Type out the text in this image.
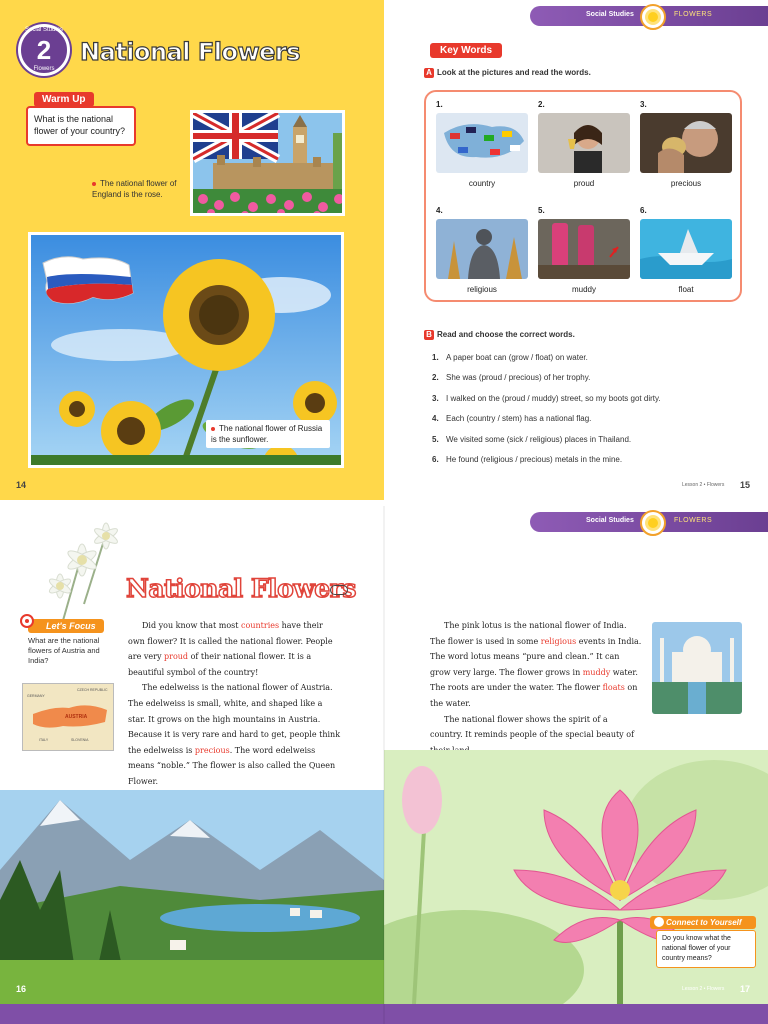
Social Studies
2
Flowers
National Flowers
What is the national flower of your country?
Warm Up
The national flower of England is the rose.
The national flower of Russia is the sunflower.
14
Social Studies	FLOWERS
Key Words
A Look at the pictures and read the words.
1.
country
2.
proud
3.
precious
4.
religious
5.
muddy
6.
float
B Read and choose the correct words.
1. A paper boat can (grow / float) on water.
2. She was (proud / precious) of her trophy.
3. I walked on the (proud / muddy) street, so my boots got dirty.
4. Each (country / stem) has a national flag.
5. We visited some (sick / religious) places in Thailand.
6. He found (religious / precious) metals in the mine.
Lesson 2 • Flowers 15
Social Studies	FLOWERS
National Flowers
Let's Focus
What are the national flowers of Austria and India?
GERMANY
CZECH REPUBLIC
AUSTRIA
ITALY	SLOVENIA

Did you know that most countries have their own flower? It is called the national flower. People are very proud of their national flower. It is a beautiful symbol of the country!

The edelweiss is the national flower of Austria. The edelweiss is small, white, and shaped like a star. It grows on the high mountains in Austria. Because it is very rare and hard to get, people think the edelweiss is precious. The word edelweiss means “noble.” The flower is also called the Queen Flower.

The pink lotus is the national flower of India. The flower is used in some religious events in India. The word lotus means “pure and clean.” It can grow very large. The flower grows in muddy water. The roots are under the water. The flower floats on the water.

The national flower shows the spirit of a country. It reminds people of the special beauty of

Connect to Yourself
Do you know what the national flower of your country means?
16	Lesson 2 • Flowers 17
